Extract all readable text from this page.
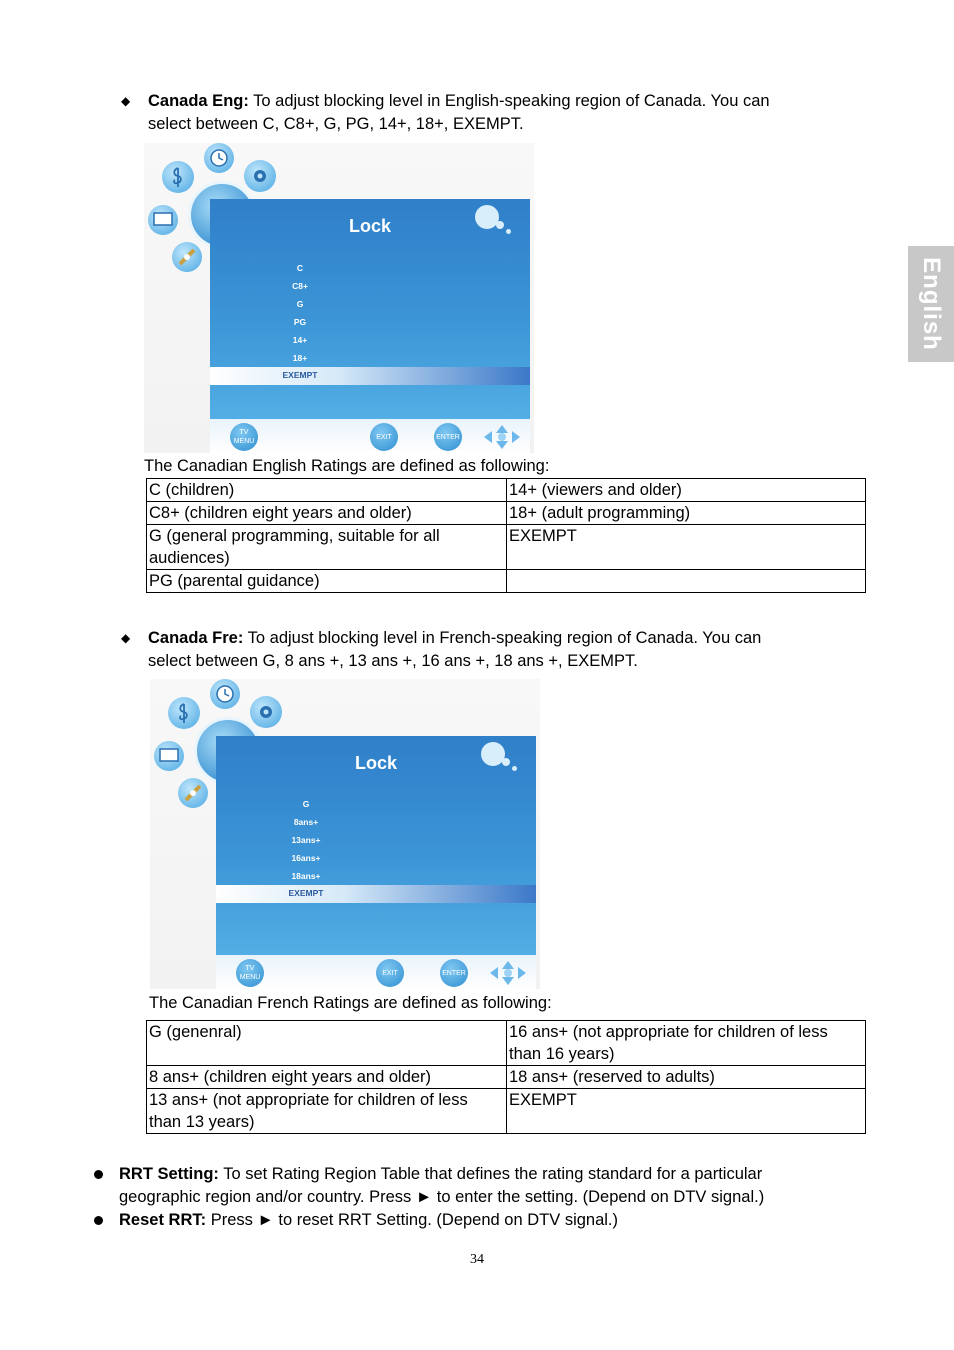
English
◆ Canada Eng: To adjust blocking level in English-speaking region of Canada. You can
select between C, C8+, G, PG, 14+, 18+, EXEMPT.
Lock
C
C8+
G
PG
14+
18+
EXEMPT
TV
MENU
EXIT	ENTER
The Canadian English Ratings are defined as following:
C (children)	14+ (viewers and older)
C8+ (children eight years and older)	18+ (adult programming)
G (general programming, suitable for all audiences)	EXEMPT
PG (parental guidance)	
◆ Canada Fre: To adjust blocking level in French-speaking region of Canada. You can
select between G, 8 ans +, 13 ans +, 16 ans +, 18 ans +, EXEMPT.
Lock
G
8ans+
13ans+
16ans+
18ans+
EXEMPT
TV
MENU
EXIT	ENTER
The Canadian French Ratings are defined as following:
G (genenral)	16 ans+ (not appropriate for children of less than 16 years)
8 ans+ (children eight years and older)	18 ans+ (reserved to adults)
13 ans+ (not appropriate for children of less than 13 years)	EXEMPT
RRT Setting: To set Rating Region Table that defines the rating standard for a particular
geographic region and/or country. Press ► to enter the setting. (Depend on DTV signal.)
Reset RRT: Press ► to reset RRT Setting. (Depend on DTV signal.)
34
